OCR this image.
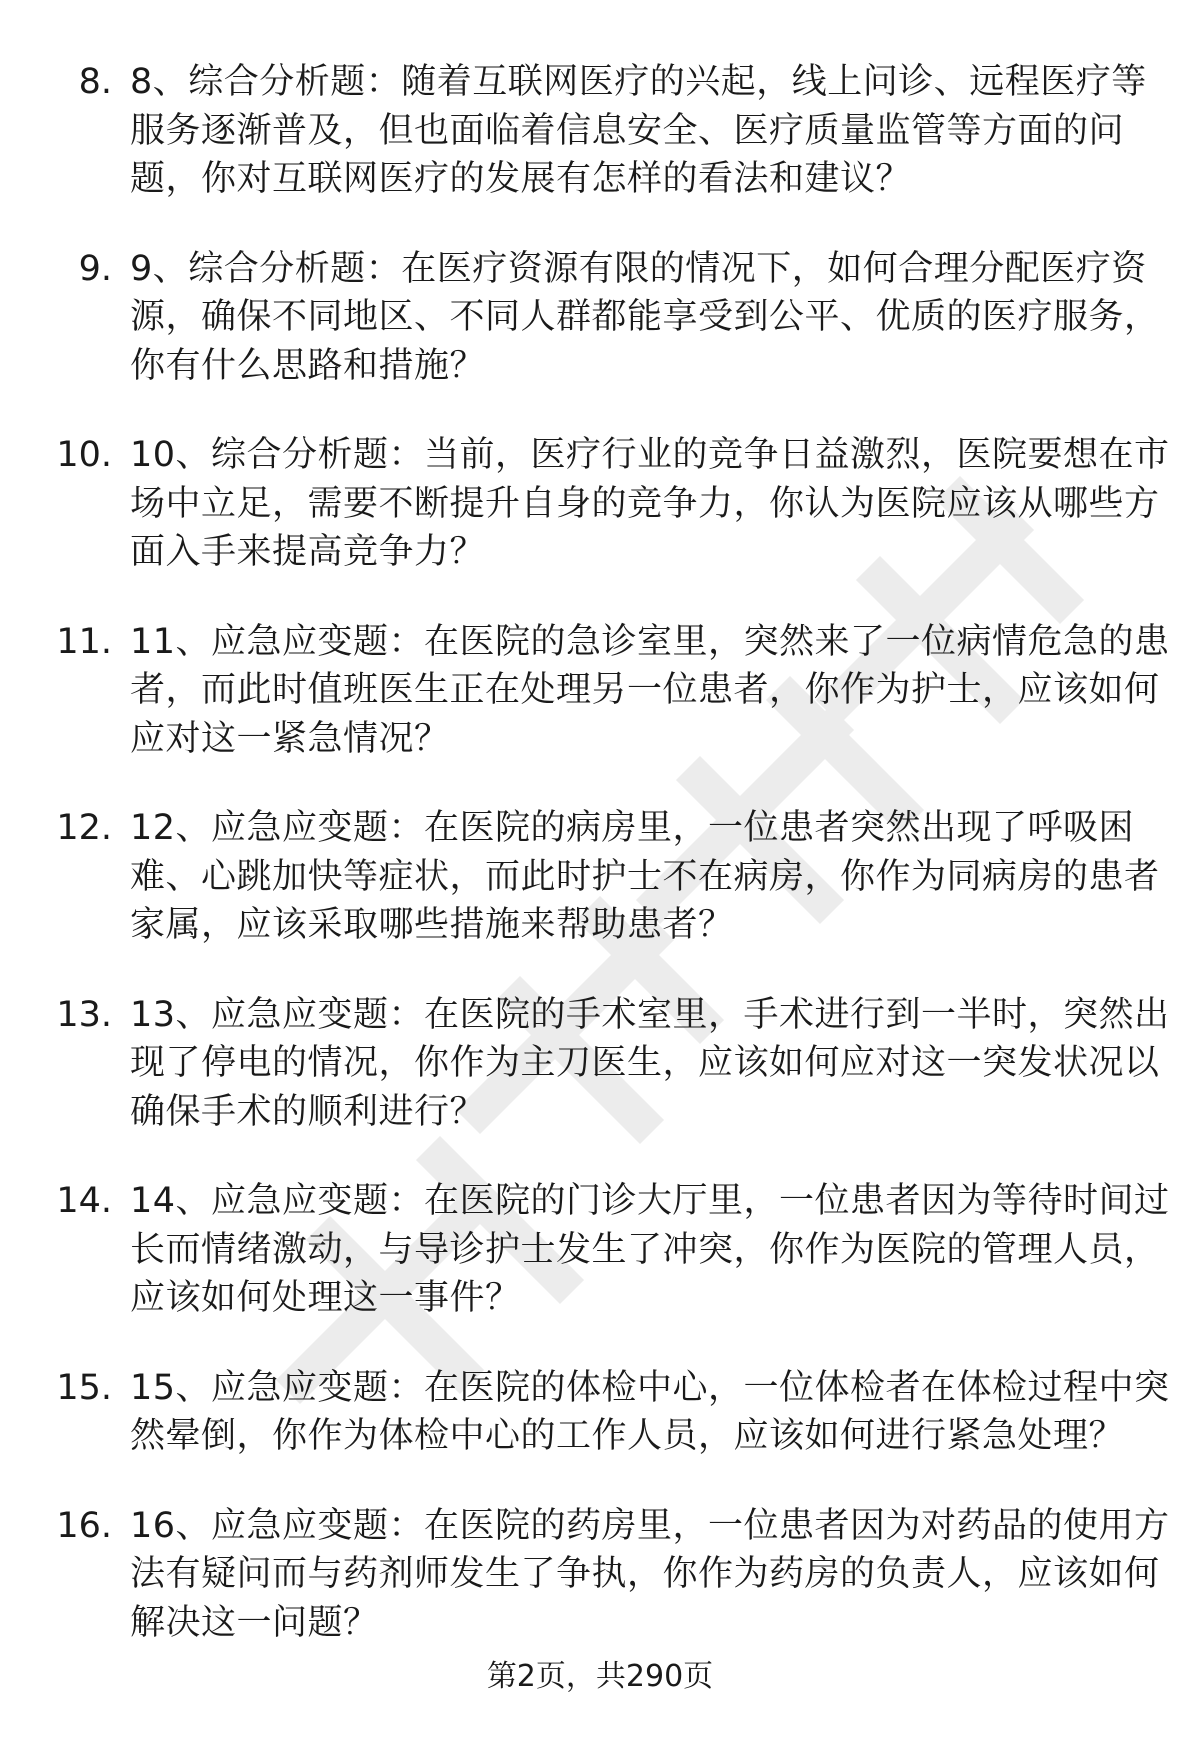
8. 8、综合分析题：随着互联网医疗的兴起，线上问诊、远程医疗等服务逐渐普及，但也面临着信息安全、医疗质量监管等方面的问题，你对互联网医疗的发展有怎样的看法和建议？
9. 9、综合分析题：在医疗资源有限的情况下，如何合理分配医疗资源，确保不同地区、不同人群都能享受到公平、优质的医疗服务，你有什么思路和措施？
10. 10、综合分析题：当前，医疗行业的竞争日益激烈，医院要想在市场中立足，需要不断提升自身的竞争力，你认为医院应该从哪些方面入手来提高竞争力？
11. 11、应急应变题：在医院的急诊室里，突然来了一位病情危急的患者，而此时值班医生正在处理另一位患者，你作为护士，应该如何应对这一紧急情况？
12. 12、应急应变题：在医院的病房里，一位患者突然出现了呼吸困难、心跳加快等症状，而此时护士不在病房，你作为同病房的患者家属，应该采取哪些措施来帮助患者？
13. 13、应急应变题：在医院的手术室里，手术进行到一半时，突然出现了停电的情况，你作为主刀医生，应该如何应对这一突发状况以确保手术的顺利进行？
14. 14、应急应变题：在医院的门诊大厅里，一位患者因为等待时间过长而情绪激动，与导诊护士发生了冲突，你作为医院的管理人员，应该如何处理这一事件？
15. 15、应急应变题：在医院的体检中心，一位体检者在体检过程中突然晕倒，你作为体检中心的工作人员，应该如何进行紧急处理？
16. 16、应急应变题：在医院的药房里，一位患者因为对药品的使用方法有疑问而与药剂师发生了争执，你作为药房的负责人，应该如何解决这一问题？
第2页，共290页
